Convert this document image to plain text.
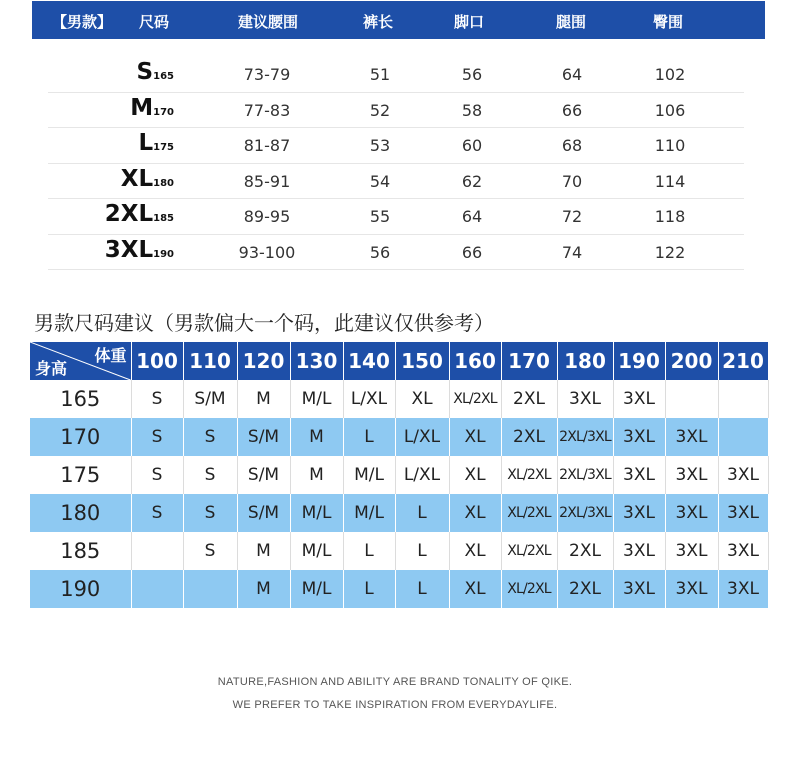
【男款】 尺码	建议腰围	裤长	脚口	腿围	臀围
S165	73-79	51	56	64	102
M170	77-83	52	58	66	106
L175	81-87	53	60	68	110
XL180	85-91	54	62	70	114
2XL185	89-95	55	64	72	118
3XL190	93-100	56	66	74	122
男款尺码建议（男款偏大一个码，此建议仅供参考）
体重
身高	100	110	120	130	140	150	160	170	180	190	200	210
165	S	S/M	M	M/L	L/XL	XL	XL/2XL	2XL	3XL	3XL		
170	S	S	S/M	M	L	L/XL	XL	2XL	2XL/3XL	3XL	3XL	
175	S	S	S/M	M	M/L	L/XL	XL	XL/2XL	2XL/3XL	3XL	3XL	3XL
180	S	S	S/M	M/L	M/L	L	XL	XL/2XL	2XL/3XL	3XL	3XL	3XL
185		S	M	M/L	L	L	XL	XL/2XL	2XL	3XL	3XL	3XL
190			M	M/L	L	L	XL	XL/2XL	2XL	3XL	3XL	3XL
NATURE,FASHION AND ABILITY ARE BRAND TONALITY OF QIKE.
WE PREFER TO TAKE INSPIRATION FROM EVERYDAYLIFE.
